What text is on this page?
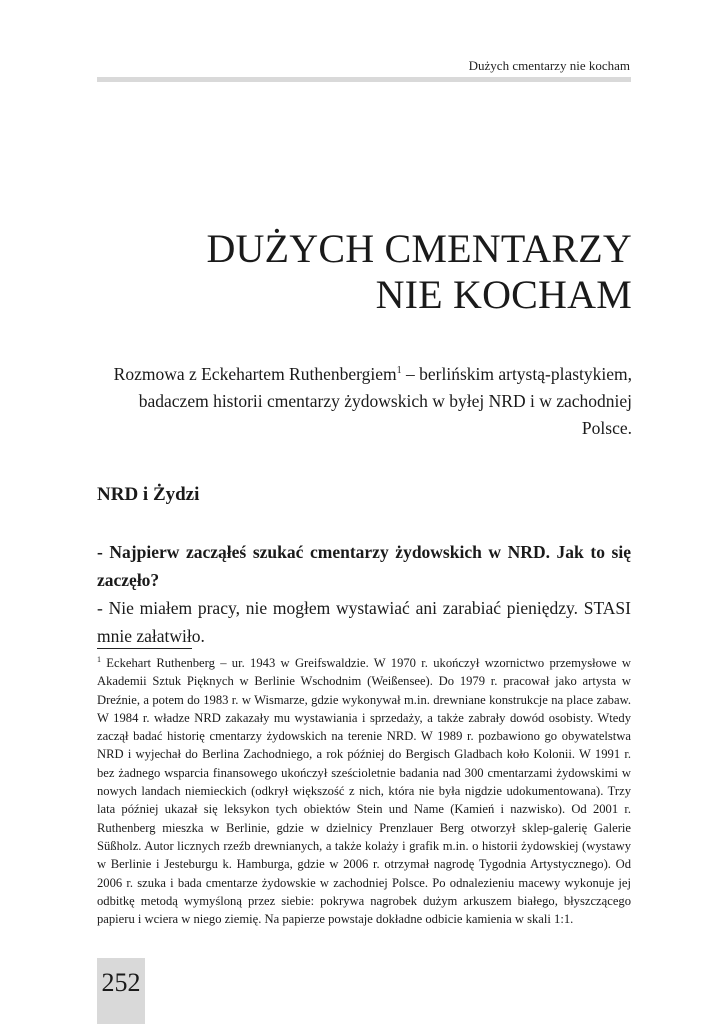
Dużych cmentarzy nie kocham
DUŻYCH CMENTARZY
NIE KOCHAM

Rozmowa z Eckehartem Ruthenbergiem$^1$ – berlińskim artystą-plastykiem, badaczem historii cmentarzy żydowskich w byłej NRD i w zachodniej Polsce.

NRD i Żydzi

- Najpierw zacząłeś szukać cmentarzy żydowskich w NRD. Jak to się zaczęło?

- Nie miałem pracy, nie mogłem wystawiać ani zarabiać pieniędzy. STASI mnie załatwiło.

$^1$ Eckehart Ruthenberg – ur. 1943 w Greifswaldzie. W 1970 r. ukończył wzornictwo przemysłowe w Akademii Sztuk Pięknych w Berlinie Wschodnim (Weißensee). Do 1979 r. pracował jako artysta w Dreźnie, a potem do 1983 r. w Wismarze, gdzie wykonywał m.in. drewniane konstrukcje na place zabaw. W 1984 r. władze NRD zakazały mu wystawiania i sprzedaży, a także zabrały dowód osobisty. Wtedy zaczął badać historię cmentarzy żydowskich na terenie NRD. W 1989 r. pozbawiono go obywatelstwa NRD i wyjechał do Berlina Zachodniego, a rok później do Bergisch Gladbach koło Kolonii. W 1991 r. bez żadnego wsparcia finansowego ukończył sześcioletnie badania nad 300 cmentarzami żydowskimi w nowych landach niemieckich (odkrył większość z nich, która nie była nigdzie udokumentowana). Trzy lata później ukazał się leksykon tych obiektów Stein und Name (Kamień i nazwisko). Od 2001 r. Ruthenberg mieszka w Berlinie, gdzie w dzielnicy Prenzlauer Berg otworzył sklep-galerię Galerie Süßholz. Autor licznych rzeźb drewnianych, a także kolaży i grafik m.in. o historii żydowskiej (wystawy w Berlinie i Jesteburgu k. Hamburga, gdzie w 2006 r. otrzymał nagrodę Tygodnia Artystycznego). Od 2006 r. szuka i bada cmentarze żydowskie w zachodniej Polsce. Po odnalezieniu macewy wykonuje jej odbitkę metodą wymyśloną przez siebie: pokrywa nagrobek dużym arkuszem białego, błyszczącego papieru i wciera w niego ziemię. Na papierze powstaje dokładne odbicie kamienia w skali 1:1.

252
